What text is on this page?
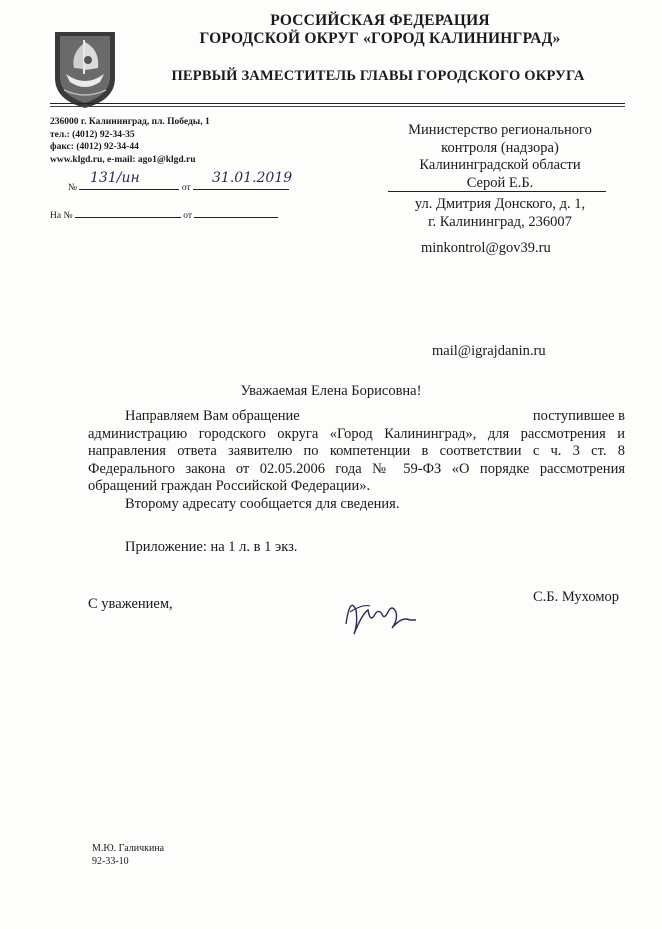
РОССИЙСКАЯ ФЕДЕРАЦИЯ
ГОРОДСКОЙ ОКРУГ «ГОРОД КАЛИНИНГРАД»
ПЕРВЫЙ ЗАМЕСТИТЕЛЬ ГЛАВЫ ГОРОДСКОГО ОКРУГА
236000 г. Калининград, пл. Победы, 1
тел.: (4012) 92-34-35
факс: (4012) 92-34-44
www.klgd.ru, e-mail: ago1@klgd.ru
№	от
131/ин	31.01.2019
На №	от
Министерство регионального
контроля (надзора)
Калининградской области
Серой Е.Б.
ул. Дмитрия Донского, д. 1,
г. Калининград, 236007
minkontrol@gov39.ru
mail@igrajdanin.ru
Уважаемая Елена Борисовна!
Направляем Вам обращение	поступившее в
администрацию городского округа «Город Калининград», для рассмотрения и
направления ответа заявителю по компетенции в соответствии с ч. 3 ст. 8
Федерального закона от 02.05.2006 года № 59-ФЗ «О порядке рассмотрения
обращений граждан Российской Федерации».
Второму адресату сообщается для сведения.
Приложение: на 1 л. в 1 экз.
С уважением,	С.Б. Мухомор
М.Ю. Галичкина
92-33-10
